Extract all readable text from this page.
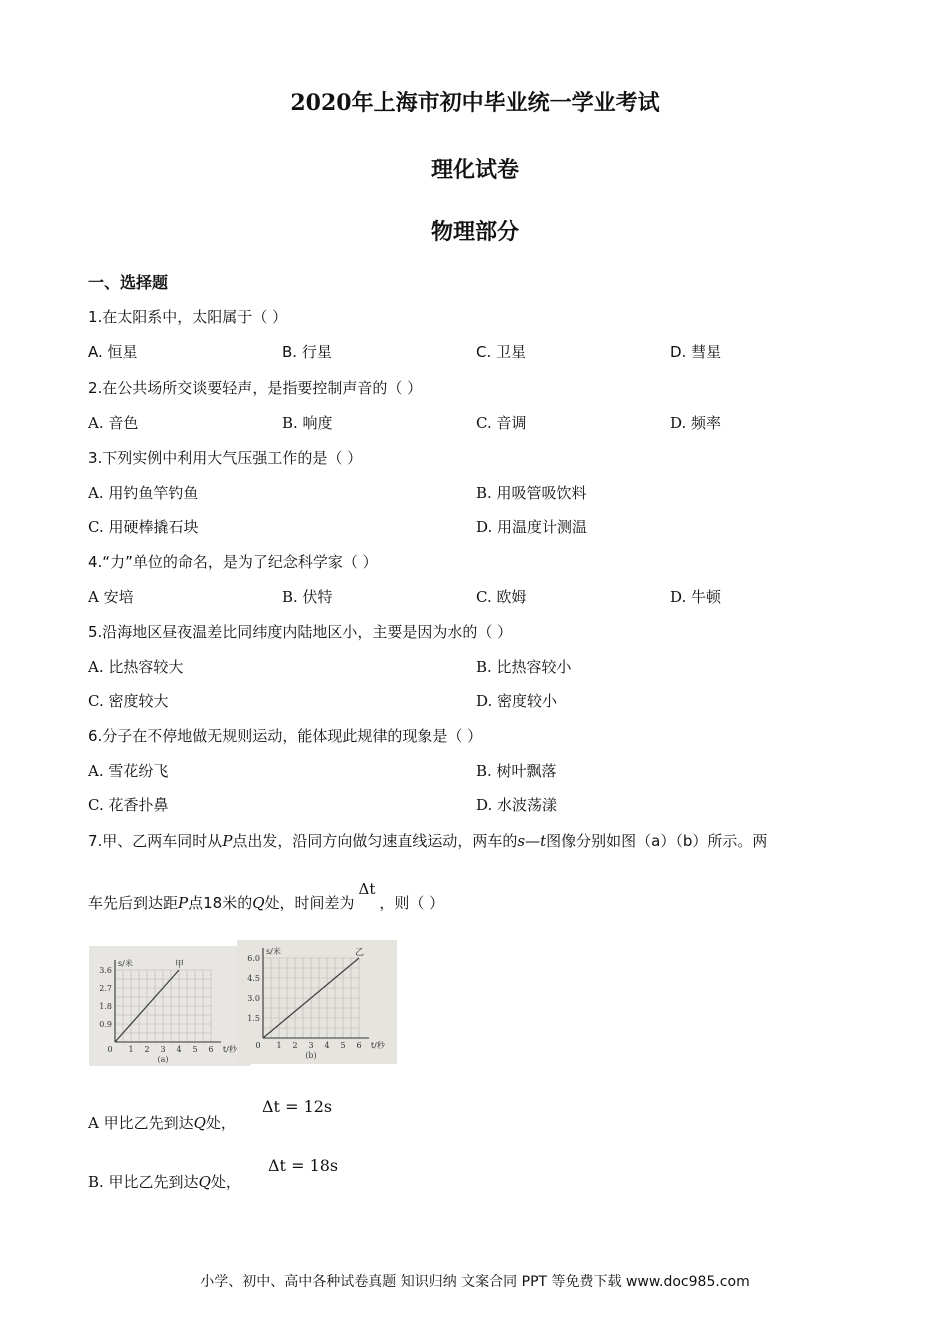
2020年上海市初中毕业统一学业考试
理化试卷
物理部分
一、选择题
1.在太阳系中，太阳属于（ ）
A. 恒星	B. 行星	C. 卫星	D. 彗星
2.在公共场所交谈要轻声，是指要控制声音的（ ）
A. 音色	B. 响度	C. 音调	D. 频率
3.下列实例中利用大气压强工作的是（ ）
A. 用钓鱼竿钓鱼	B. 用吸管吸饮料
C. 用硬棒撬石块	D. 用温度计测温
4.“力”单位的命名，是为了纪念科学家（ ）
A 安培	B. 伏特	C. 欧姆	D. 牛顿
5.沿海地区昼夜温差比同纬度内陆地区小，主要是因为水的（ ）
A. 比热容较大	B. 比热容较小
C. 密度较大	D. 密度较小
6.分子在不停地做无规则运动，能体现此规律的现象是（ ）
A. 雪花纷飞	B. 树叶飘落
C. 花香扑鼻	D. 水波荡漾
7.甲、乙两车同时从P点出发，沿同方向做匀速直线运动，两车的s—t图像分别如图（a）（b）所示。两
车先后到达距P点18米的Q处，时间差为Δt，则（ ）
甲
0.9
1.8
2.7
3.6
0 1 2 3 4 5 6
s/米
t/秒
(a)
乙
1.5
3.0
4.5
6.0
0 1 2 3 4 5 6
s/米
t/秒
(b)
A 甲比乙先到达Q处，
Δt = 12s
B. 甲比乙先到达Q处，
Δt = 18s
小学、初中、高中各种试卷真题 知识归纳 文案合同 PPT 等免费下载 www.doc985.com
